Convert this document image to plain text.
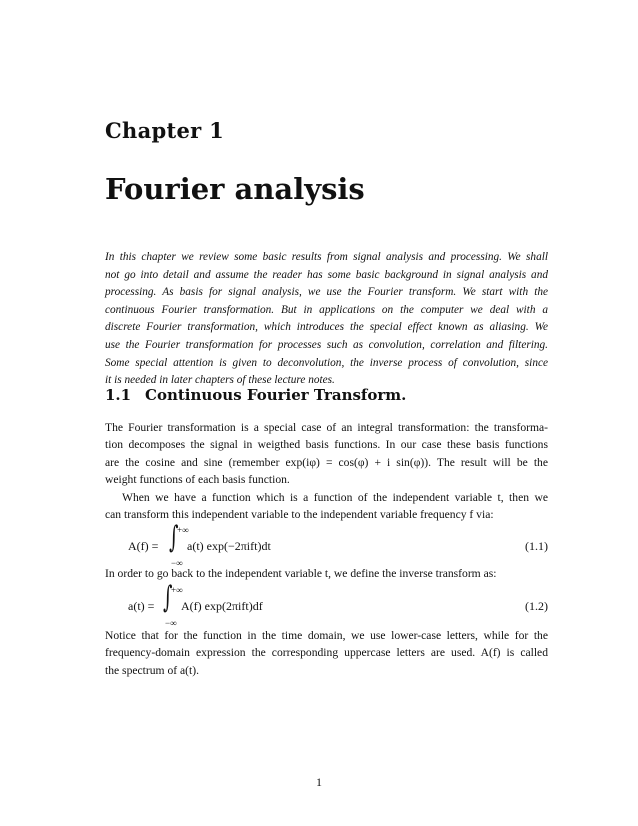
Chapter 1
Fourier analysis
In this chapter we review some basic results from signal analysis and processing. We shall
not go into detail and assume the reader has some basic background in signal analysis and
processing. As basis for signal analysis, we use the Fourier transform. We start with the
continuous Fourier transformation. But in applications on the computer we deal with a
discrete Fourier transformation, which introduces the special effect known as aliasing. We
use the Fourier transformation for processes such as convolution, correlation and filtering.
Some special attention is given to deconvolution, the inverse process of convolution, since
it is needed in later chapters of these lecture notes.
1.1 Continuous Fourier Transform.
The Fourier transformation is a special case of an integral transformation: the transforma-
tion decomposes the signal in weigthed basis functions. In our case these basis functions
are the cosine and sine (remember exp(iφ) = cos(φ) + i sin(φ)). The result will be the
weight functions of each basis function.
When we have a function which is a function of the independent variable t, then we
can transform this independent variable to the independent variable frequency f via:
A(f) = ∫
+∞
−∞
a(t) exp(−2πift)dt	(1.1)
In order to go back to the independent variable t, we define the inverse transform as:
a(t) = ∫
+∞
−∞
A(f) exp(2πift)df	(1.2)
Notice that for the function in the time domain, we use lower-case letters, while for the
frequency-domain expression the corresponding uppercase letters are used. A(f) is called
the spectrum of a(t).
1
